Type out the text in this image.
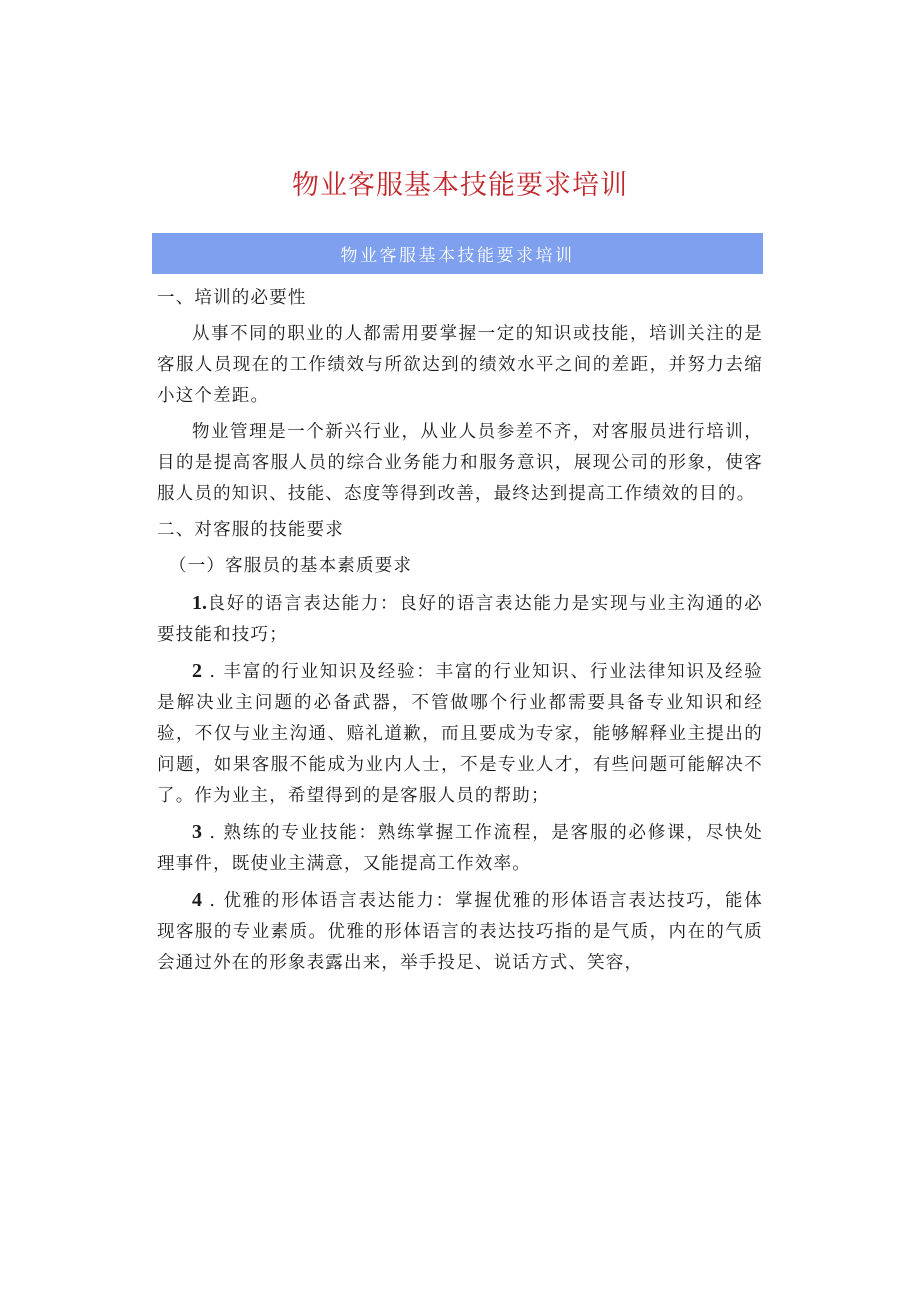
物业客服基本技能要求培训
物业客服基本技能要求培训

一、培训的必要性

从事不同的职业的人都需用要掌握一定的知识或技能，培训关注的是客服人员现在的工作绩效与所欲达到的绩效水平之间的差距，并努力去缩小这个差距。

物业管理是一个新兴行业，从业人员参差不齐，对客服员进行培训，目的是提高客服人员的综合业务能力和服务意识，展现公司的形象，使客服人员的知识、技能、态度等得到改善，最终达到提高工作绩效的目的。

二、对客服的技能要求

（一）客服员的基本素质要求

1.良好的语言表达能力：良好的语言表达能力是实现与业主沟通的必要技能和技巧；

2 . 丰富的行业知识及经验：丰富的行业知识、行业法律知识及经验是解决业主问题的必备武器，不管做哪个行业都需要具备专业知识和经验，不仅与业主沟通、赔礼道歉，而且要成为专家，能够解释业主提出的问题，如果客服不能成为业内人士，不是专业人才，有些问题可能解决不了。作为业主，希望得到的是客服人员的帮助；

3 . 熟练的专业技能：熟练掌握工作流程，是客服的必修课，尽快处理事件，既使业主满意，又能提高工作效率。

4 . 优雅的形体语言表达能力：掌握优雅的形体语言表达技巧，能体现客服的专业素质。优雅的形体语言的表达技巧指的是气质，内在的气质会通过外在的形象表露出来，举手投足、说话方式、笑容，
